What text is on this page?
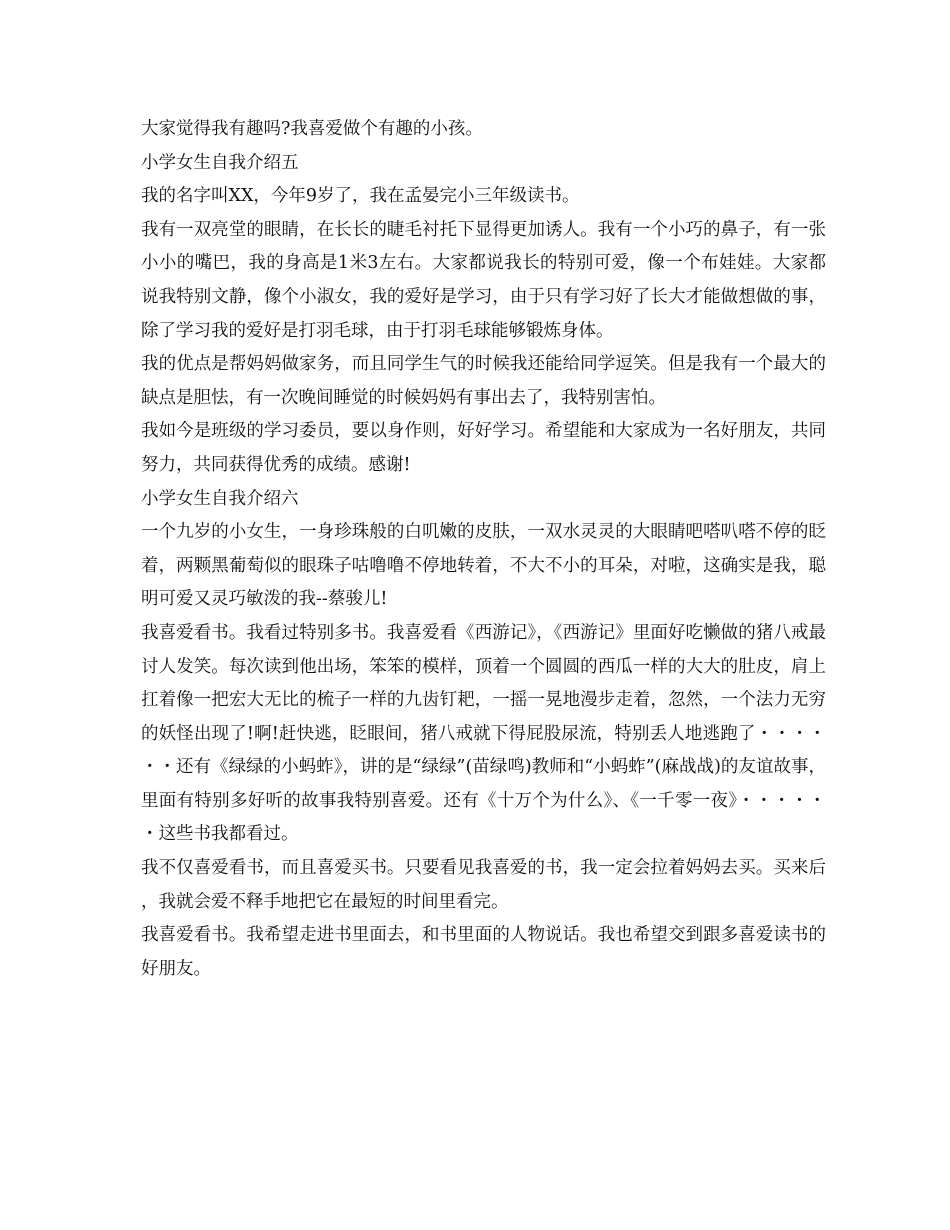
大家觉得我有趣吗?我喜爱做个有趣的小孩。

小学女生自我介绍五

我的名字叫XX，今年9岁了，我在孟晏完小三年级读书。

我有一双亮堂的眼睛，在长长的睫毛衬托下显得更加诱人。我有一个小巧的鼻子，有一张小小的嘴巴，我的身高是1米3左右。大家都说我长的特别可爱，像一个布娃娃。大家都说我特别文静，像个小淑女，我的爱好是学习，由于只有学习好了长大才能做想做的事，除了学习我的爱好是打羽毛球，由于打羽毛球能够锻炼身体。

我的优点是帮妈妈做家务，而且同学生气的时候我还能给同学逗笑。但是我有一个最大的缺点是胆怯，有一次晚间睡觉的时候妈妈有事出去了，我特别害怕。

我如今是班级的学习委员，要以身作则，好好学习。希望能和大家成为一名好朋友，共同努力，共同获得优秀的成绩。感谢!

小学女生自我介绍六

一个九岁的小女生，一身珍珠般的白叽嫩的皮肤，一双水灵灵的大眼睛吧嗒叭嗒不停的眨着，两颗黑葡萄似的眼珠子咕噜噜不停地转着，不大不小的耳朵，对啦，这确实是我，聪明可爱又灵巧敏泼的我--蔡骏儿!

我喜爱看书。我看过特别多书。我喜爱看《西游记》，《西游记》里面好吃懒做的猪八戒最讨人发笑。每次读到他出场，笨笨的模样，顶着一个圆圆的西瓜一样的大大的肚皮，肩上扛着像一把宏大无比的梳子一样的九齿钉耙，一摇一晃地漫步走着，忽然，一个法力无穷的妖怪出现了!啊!赶快逃，眨眼间，猪八戒就下得屁股尿流，特别丢人地逃跑了・・・・・・还有《绿绿的小蚂蚱》，讲的是“绿绿”(苗绿鸣)教师和“小蚂蚱”(麻战战)的友谊故事，里面有特别多好听的故事我特别喜爱。还有《十万个为什么》、《一千零一夜》・・・・・・这些书我都看过。

我不仅喜爱看书，而且喜爱买书。只要看见我喜爱的书，我一定会拉着妈妈去买。买来后，我就会爱不释手地把它在最短的时间里看完。

我喜爱看书。我希望走进书里面去，和书里面的人物说话。我也希望交到跟多喜爱读书的好朋友。
